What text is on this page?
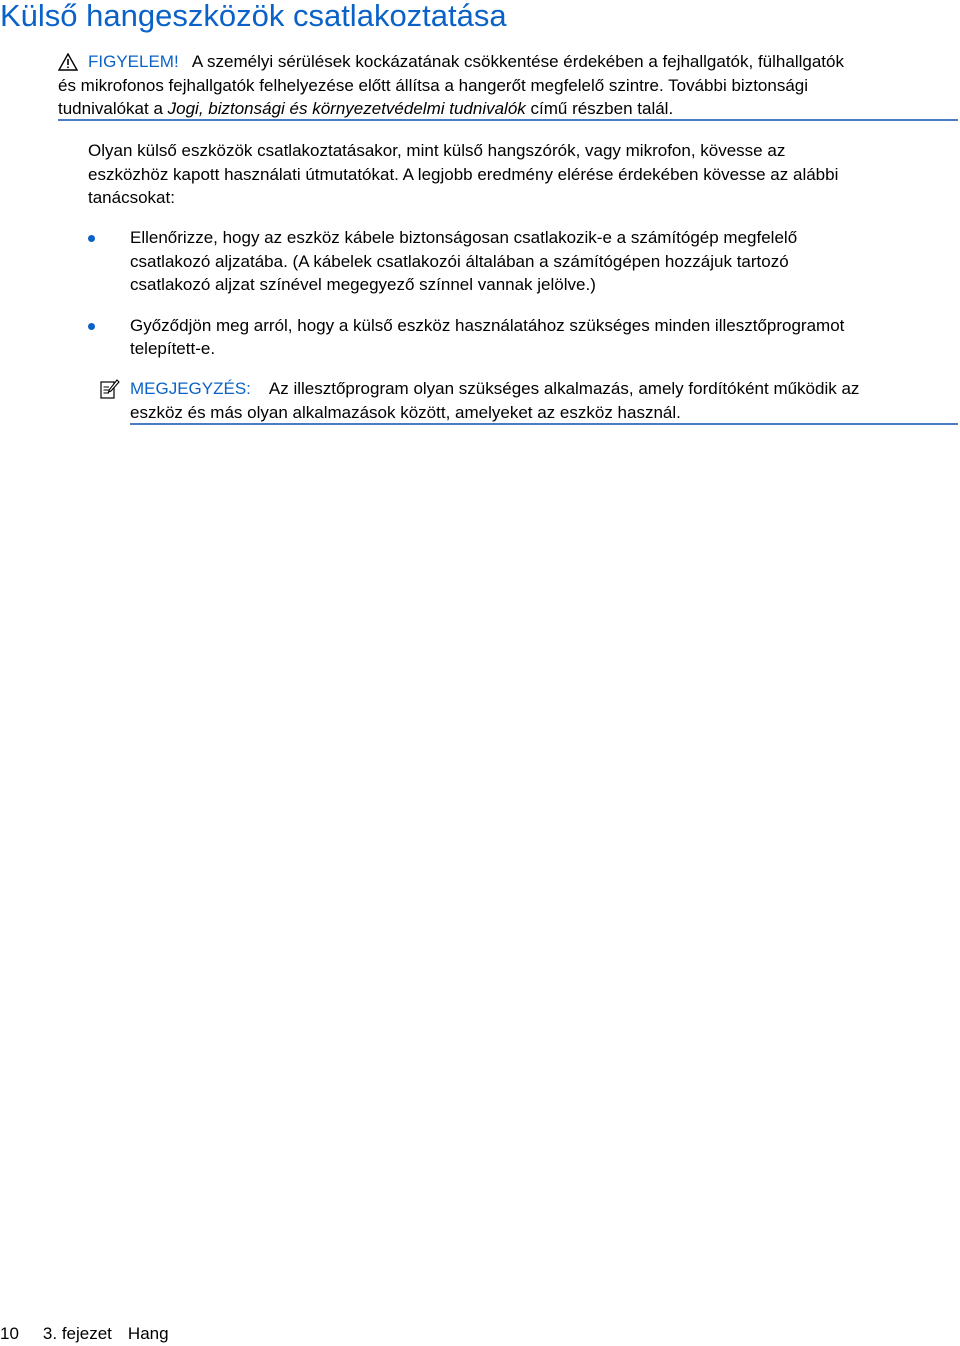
Külső hangeszközök csatlakoztatása
FIGYELEM! A személyi sérülések kockázatának csökkentése érdekében a fejhallgatók, fülhallgatók
és mikrofonos fejhallgatók felhelyezése előtt állítsa a hangerőt megfelelő szintre. További biztonsági
tudnivalókat a Jogi, biztonsági és környezetvédelmi tudnivalók című részben talál.
Olyan külső eszközök csatlakoztatásakor, mint külső hangszórók, vagy mikrofon, kövesse az
eszközhöz kapott használati útmutatókat. A legjobb eredmény elérése érdekében kövesse az alábbi
tanácsokat:
Ellenőrizze, hogy az eszköz kábele biztonságosan csatlakozik-e a számítógép megfelelő
csatlakozó aljzatába. (A kábelek csatlakozói általában a számítógépen hozzájuk tartozó
csatlakozó aljzat színével megegyező színnel vannak jelölve.)
Győződjön meg arról, hogy a külső eszköz használatához szükséges minden illesztőprogramot
telepített-e.
MEGJEGYZÉS: Az illesztőprogram olyan szükséges alkalmazás, amely fordítóként működik az
eszköz és más olyan alkalmazások között, amelyeket az eszköz használ.
10 3. fejezet Hang
